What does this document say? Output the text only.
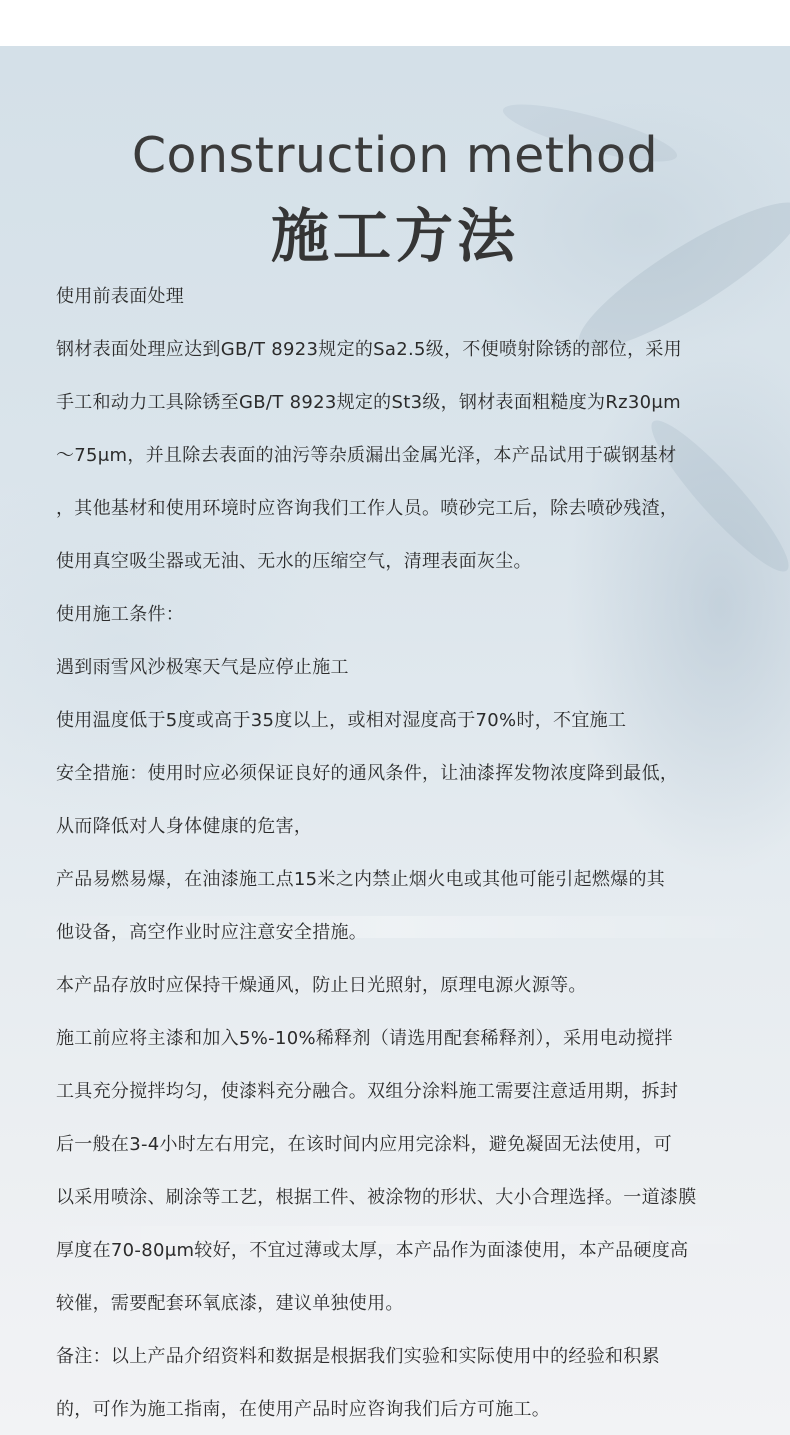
Construction method
施工方法
使用前表面处理
钢材表面处理应达到GB/T 8923规定的Sa2.5级，不便喷射除锈的部位，采用
手工和动力工具除锈至GB/T 8923规定的St3级，钢材表面粗糙度为Rz30μm
～75μm，并且除去表面的油污等杂质漏出金属光泽，本产品试用于碳钢基材
，其他基材和使用环境时应咨询我们工作人员。喷砂完工后，除去喷砂残渣，
使用真空吸尘器或无油、无水的压缩空气，清理表面灰尘。
使用施工条件：
遇到雨雪风沙极寒天气是应停止施工
使用温度低于5度或高于35度以上，或相对湿度高于70%时，不宜施工
安全措施：使用时应必须保证良好的通风条件，让油漆挥发物浓度降到最低，
从而降低对人身体健康的危害，
产品易燃易爆，在油漆施工点15米之内禁止烟火电或其他可能引起燃爆的其
他设备，高空作业时应注意安全措施。
本产品存放时应保持干燥通风，防止日光照射，原理电源火源等。
施工前应将主漆和加入5%-10%稀释剂（请选用配套稀释剂），采用电动搅拌
工具充分搅拌均匀，使漆料充分融合。双组分涂料施工需要注意适用期，拆封
后一般在3-4小时左右用完，在该时间内应用完涂料，避免凝固无法使用，可
以采用喷涂、刷涂等工艺，根据工件、被涂物的形状、大小合理选择。一道漆膜
厚度在70-80μm较好，不宜过薄或太厚，本产品作为面漆使用，本产品硬度高
较催，需要配套环氧底漆，建议单独使用。
备注：以上产品介绍资料和数据是根据我们实验和实际使用中的经验和积累
的，可作为施工指南，在使用产品时应咨询我们后方可施工。
